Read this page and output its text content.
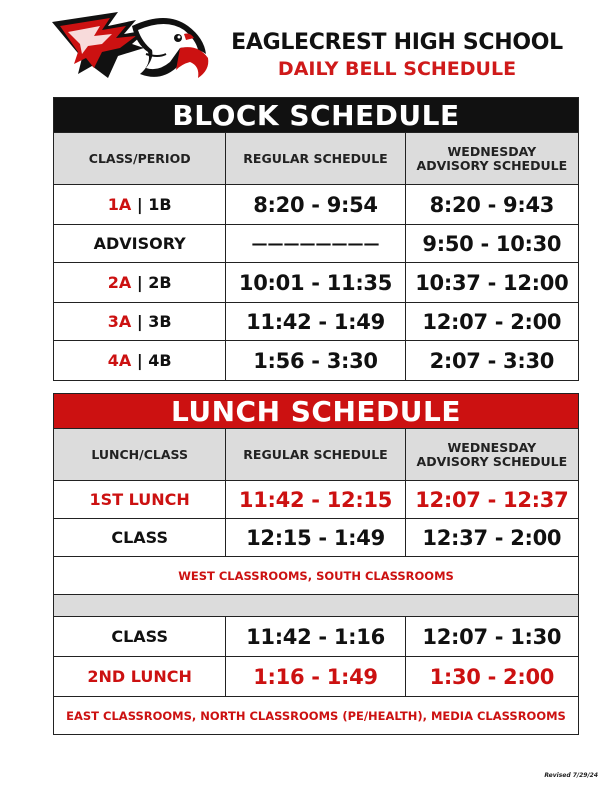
EAGLECREST HIGH SCHOOL
DAILY BELL SCHEDULE
BLOCK SCHEDULE
CLASS/PERIOD	REGULAR SCHEDULE	WEDNESDAY
ADVISORY SCHEDULE
1A | 1B	8:20 - 9:54	8:20 - 9:43
ADVISORY	————————	9:50 - 10:30
2A | 2B	10:01 - 11:35	10:37 - 12:00
3A | 3B	11:42 - 1:49	12:07 - 2:00
4A | 4B	1:56 - 3:30	2:07 - 3:30
LUNCH SCHEDULE
LUNCH/CLASS	REGULAR SCHEDULE	WEDNESDAY
ADVISORY SCHEDULE
1ST LUNCH	11:42 - 12:15	12:07 - 12:37
CLASS	12:15 - 1:49	12:37 - 2:00
WEST CLASSROOMS, SOUTH CLASSROOMS
CLASS	11:42 - 1:16	12:07 - 1:30
2ND LUNCH	1:16 - 1:49	1:30 - 2:00
EAST CLASSROOMS, NORTH CLASSROOMS (PE/HEALTH), MEDIA CLASSROOMS
Revised 7/29/24
